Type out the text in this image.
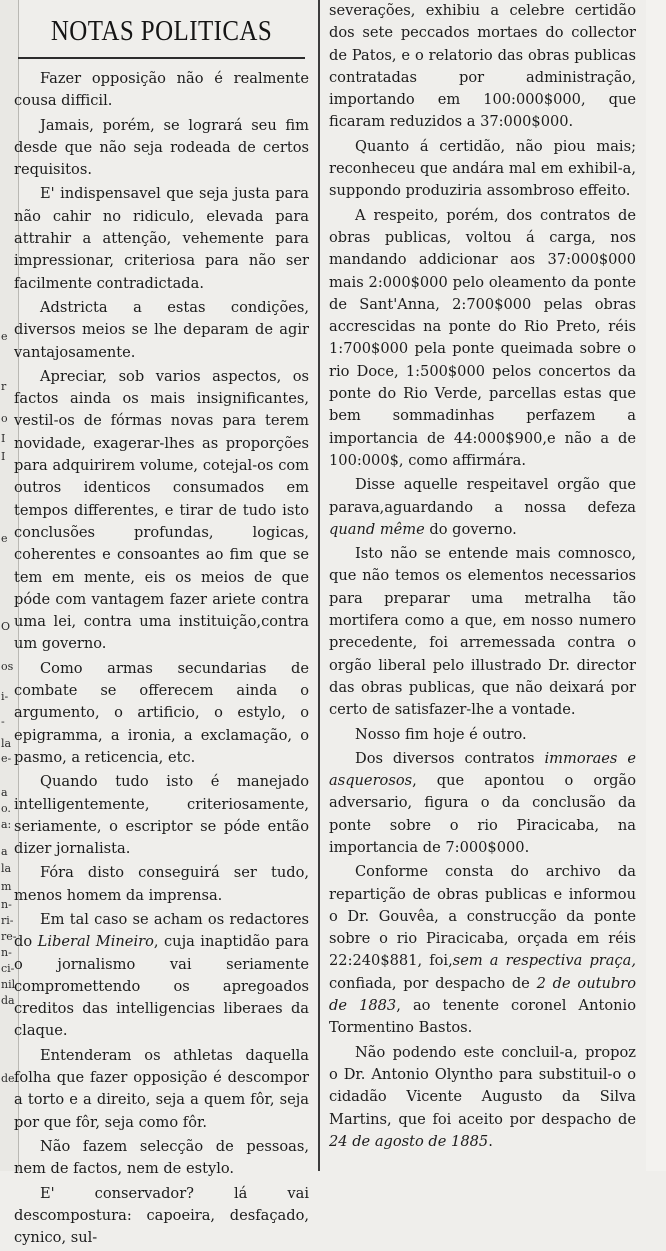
e
r
o
I
I
e
O
os
i-
-
la
e-
a
o.
a:
a
la
m
n-
ri-
re-
n-
ci-
nil
da
de
NOTAS POLITICAS

Fazer opposição não é realmente cousa difficil.

Jamais, porém, se logrará seu fim desde que não seja rodeada de certos requisitos.

E' indispensavel que seja justa para não cahir no ridiculo, elevada para attrahir a attenção, vehemente para impressionar, criteriosa para não ser facilmente contradictada.

Adstricta a estas condições, diversos meios se lhe deparam de agir vantajosamente.

Apreciar, sob varios aspectos, os factos ainda os mais insignificantes, vestil-os de fórmas novas para terem novidade, exagerar-lhes as proporções para adquirirem volume, cotejal-os com outros identicos consumados em tempos differentes, e tirar de tudo isto conclusões profundas, logicas, coherentes e consoantes ao fim que se tem em mente, eis os meios de que póde com vantagem fazer ariete contra uma lei, contra uma instituição,contra um governo.

Como armas secundarias de combate se offerecem ainda o argumento, o artificio, o estylo, o epigramma, a ironia, a exclamação, o pasmo, a reticencia, etc.

Quando tudo isto é manejado intelligentemente, criteriosamente, seriamente, o escriptor se póde então dizer jornalista.

Fóra disto conseguirá ser tudo, menos homem da imprensa.

Em tal caso se acham os redactores do Liberal Mineiro, cuja inaptidão para o jornalismo vai seriamente compromettendo os apregoados creditos das intelligencias liberaes da claque.

Entenderam os athletas daquella folha que fazer opposição é descompor a torto e a direito, seja a quem fôr, seja por que fôr, seja como fôr.

Não fazem selecção de pessoas, nem de factos, nem de estylo.

E' conservador? lá vai descompostura: capoeira, desfaçado, cynico, sul-

severações, exhibiu a celebre certidão dos sete peccados mortaes do collector de Patos, e o relatorio das obras publicas contratadas por administração, importando em 100:000$000, que ficaram reduzidos a 37:000$000.

Quanto á certidão, não piou mais; reconheceu que andára mal em exhibil-a, suppondo produziria assombroso effeito.

A respeito, porém, dos contratos de obras publicas, voltou á carga, nos mandando addicionar aos 37:000$000 mais 2:000$000 pelo oleamento da ponte de Sant'Anna, 2:700$000 pelas obras accrescidas na ponte do Rio Preto, réis 1:700$000 pela ponte queimada sobre o rio Doce, 1:500$000 pelos concertos da ponte do Rio Verde, parcellas estas que bem sommadinhas perfazem a importancia de 44:000$900,e não a de 100:000$, como affirmára.

Disse aquelle respeitavel orgão que parava,aguardando a nossa defeza quand même do governo.

Isto não se entende mais comnosco, que não temos os elementos necessarios para preparar uma metralha tão mortifera como a que, em nosso numero precedente, foi arremessada contra o orgão liberal pelo illustrado Dr. director das obras publicas, que não deixará por certo de satisfazer-lhe a vontade.

Nosso fim hoje é outro.

Dos diversos contratos immoraes e asquerosos, que apontou o orgão adversario, figura o da conclusão da ponte sobre o rio Piracicaba, na importancia de 7:000$000.

Conforme consta do archivo da repartição de obras publicas e informou o Dr. Gouvêa, a construcção da ponte sobre o rio Piracicaba, orçada em réis 22:240$881, foi,sem a respectiva praça, confiada, por despacho de 2 de outubro de 1883, ao tenente coronel Antonio Tormentino Bastos.

Não podendo este concluil-a, propoz o Dr. Antonio Olyntho para substituil-o o cidadão Vicente Augusto da Silva Martins, que foi aceito por despacho de 24 de agosto de 1885.
